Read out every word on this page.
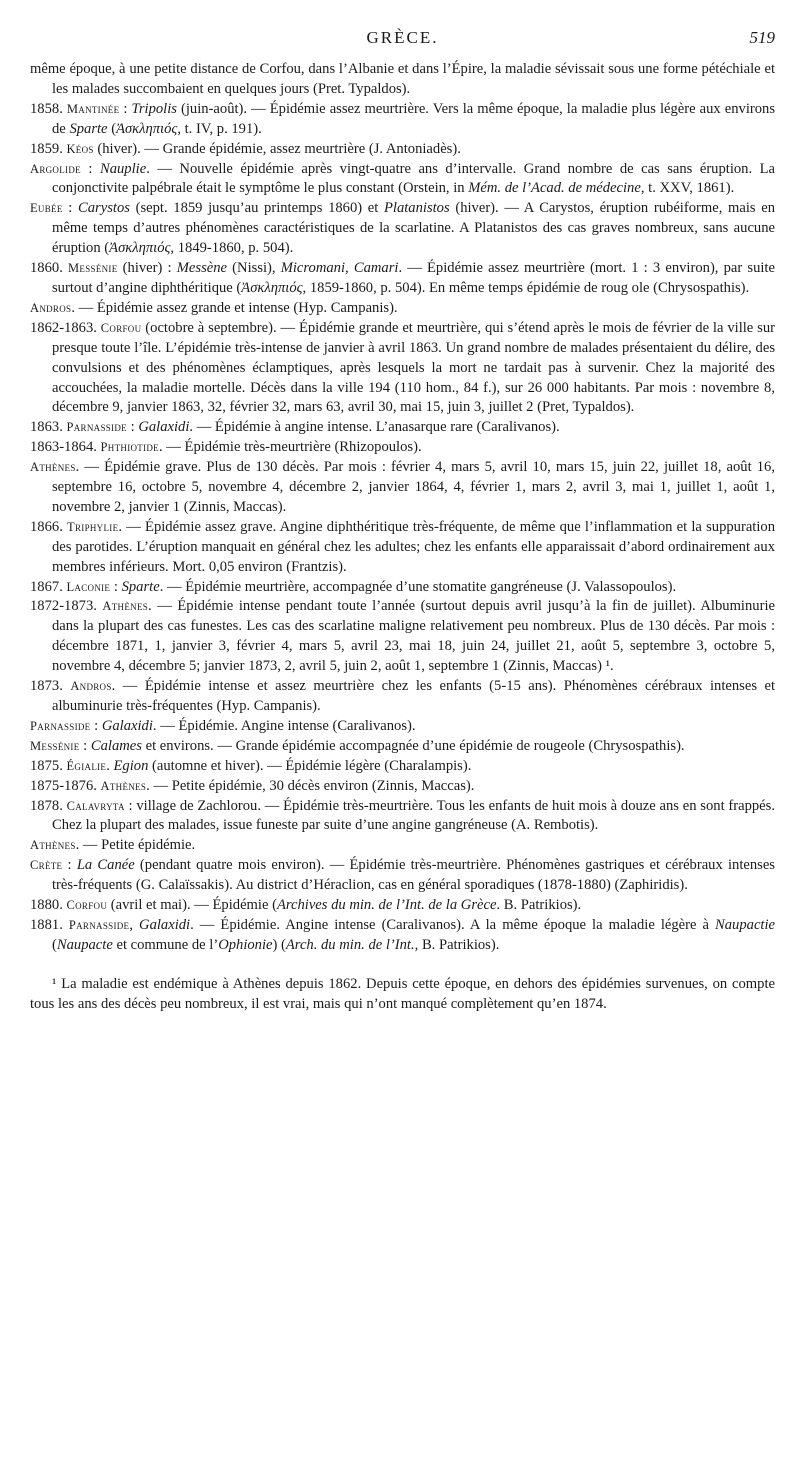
GRÈCE.	519

même époque, à une petite distance de Corfou, dans l’Albanie et dans l’Épire, la maladie sévissait sous une forme pétéchiale et les malades succombaient en quelques jours (Pret. Typaldos).

1858. Mantinée : Tripolis (juin-août). — Épidémie assez meurtrière. Vers la même époque, la maladie plus légère aux environs de Sparte (Ἀσκληπιός, t. IV, p. 191).

1859. Kéos (hiver). — Grande épidémie, assez meurtrière (J. Antoniadès).

Argolide : Nauplie. — Nouvelle épidémie après vingt-quatre ans d’intervalle. Grand nombre de cas sans éruption. La conjonctivite palpébrale était le symptôme le plus constant (Orstein, in Mém. de l’Acad. de médecine, t. XXV, 1861).

Eubée : Carystos (sept. 1859 jusqu’au printemps 1860) et Platanistos (hiver). — A Carystos, éruption rubéiforme, mais en même temps d’autres phénomènes caractéristiques de la scarlatine. A Platanistos des cas graves nombreux, sans aucune éruption (Ἀσκληπιός, 1849-1860, p. 504).

1860. Messénie (hiver) : Messène (Nissi), Micromani, Camari. — Épidémie assez meurtrière (mort. 1 : 3 environ), par suite surtout d’angine diphthéritique (Ἀσκληπιός, 1859-1860, p. 504). En même temps épidémie de roug ole (Chrysospathis).

Andros. — Épidémie assez grande et intense (Hyp. Campanis).

1862-1863. Corfou (octobre à septembre). — Épidémie grande et meurtrière, qui s’étend après le mois de février de la ville sur presque toute l’île. L’épidémie très-intense de janvier à avril 1863. Un grand nombre de malades présentaient du délire, des convulsions et des phénomènes éclamptiques, après lesquels la mort ne tardait pas à survenir. Chez la majorité des accouchées, la maladie mortelle. Décès dans la ville 194 (110 hom., 84 f.), sur 26 000 habitants. Par mois : novembre 8, décembre 9, janvier 1863, 32, février 32, mars 63, avril 30, mai 15, juin 3, juillet 2 (Pret, Typaldos).

1863. Parnasside : Galaxidi. — Épidémie à angine intense. L’anasarque rare (Caralivanos).

1863-1864. Phthiotide. — Épidémie très-meurtrière (Rhizopoulos).

Athènes. — Épidémie grave. Plus de 130 décès. Par mois : février 4, mars 5, avril 10, mars 15, juin 22, juillet 18, août 16, septembre 16, octobre 5, novembre 4, décembre 2, janvier 1864, 4, février 1, mars 2, avril 3, mai 1, juillet 1, août 1, novembre 2, janvier 1 (Zinnis, Maccas).

1866. Triphylie. — Épidémie assez grave. Angine diphthéritique très-fréquente, de même que l’inflammation et la suppuration des parotides. L’éruption manquait en général chez les adultes; chez les enfants elle apparaissait d’abord ordinairement aux membres inférieurs. Mort. 0,05 environ (Frantzis).

1867. Laconie : Sparte. — Épidémie meurtrière, accompagnée d’une stomatite gangréneuse (J. Valassopoulos).

1872-1873. Athènes. — Épidémie intense pendant toute l’année (surtout depuis avril jusqu’à la fin de juillet). Albuminurie dans la plupart des cas funestes. Les cas des scarlatine maligne relativement peu nombreux. Plus de 130 décès. Par mois : décembre 1871, 1, janvier 3, février 4, mars 5, avril 23, mai 18, juin 24, juillet 21, août 5, septembre 3, octobre 5, novembre 4, décembre 5; janvier 1873, 2, avril 5, juin 2, août 1, septembre 1 (Zinnis, Maccas) ¹.

1873. Andros. — Épidémie intense et assez meurtrière chez les enfants (5-15 ans). Phénomènes cérébraux intenses et albuminurie très-fréquentes (Hyp. Campanis).

Parnasside : Galaxidi. — Épidémie. Angine intense (Caralivanos).

Messénie : Calames et environs. — Grande épidémie accompagnée d’une épidémie de rougeole (Chrysospathis).

1875. Égialie. Egion (automne et hiver). — Épidémie légère (Charalampis).

1875-1876. Athènes. — Petite épidémie, 30 décès environ (Zinnis, Maccas).

1878. Calavryta : village de Zachlorou. — Épidémie très-meurtrière. Tous les enfants de huit mois à douze ans en sont frappés. Chez la plupart des malades, issue funeste par suite d’une angine gangréneuse (A. Rembotis).

Athènes. — Petite épidémie.

Crète : La Canée (pendant quatre mois environ). — Épidémie très-meurtrière. Phénomènes gastriques et cérébraux intenses très-fréquents (G. Calaïssakis). Au district d’Héraclion, cas en général sporadiques (1878-1880) (Zaphiridis).

1880. Corfou (avril et mai). — Épidémie (Archives du min. de l’Int. de la Grèce. B. Patrikios).

1881. Parnasside, Galaxidi. — Épidémie. Angine intense (Caralivanos). A la même époque la maladie légère à Naupactie (Naupacte et commune de l’Ophionie) (Arch. du min. de l’Int., B. Patrikios).

¹ La maladie est endémique à Athènes depuis 1862. Depuis cette époque, en dehors des épidémies survenues, on compte tous les ans des décès peu nombreux, il est vrai, mais qui n’ont manqué complètement qu’en 1874.
